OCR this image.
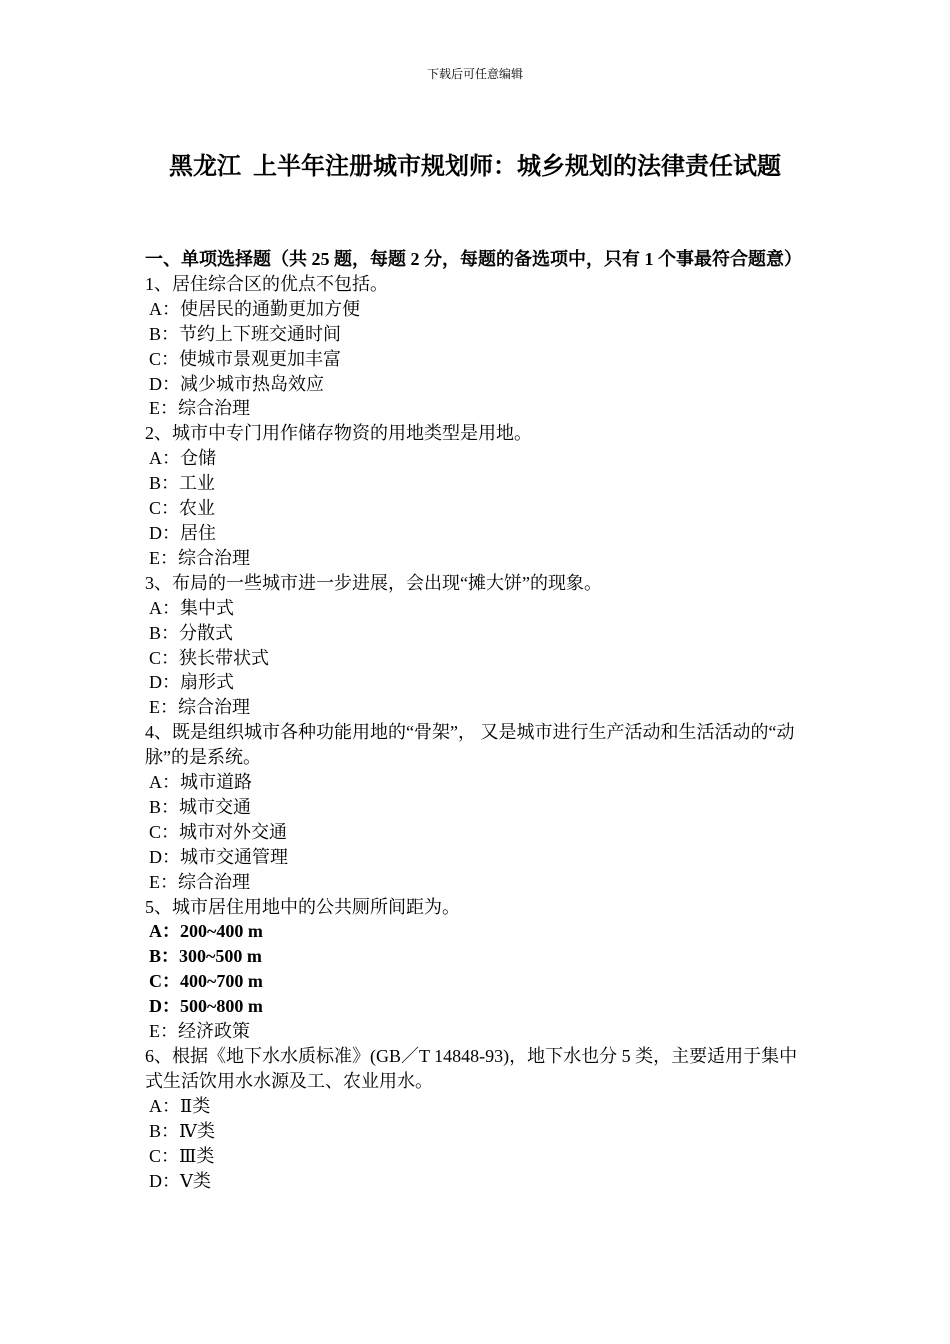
下载后可任意编辑
黑龙江  上半年注册城市规划师：城乡规划的法律责任试题

一、单项选择题（共 25 题，每题 2 分，每题的备选项中，只有 1 个事最符合题意）

1、居住综合区的优点不包括。

A：使居民的通勤更加方便

B：节约上下班交通时间

C：使城市景观更加丰富

D：减少城市热岛效应

E：综合治理

2、城市中专门用作储存物资的用地类型是用地。

A：仓储

B：工业

C：农业

D：居住

E：综合治理

3、布局的一些城市进一步进展，会出现“摊大饼”的现象。

A：集中式

B：分散式

C：狭长带状式

D：扇形式

E：综合治理

4、既是组织城市各种功能用地的“骨架”， 又是城市进行生产活动和生活活动的“动脉”的是系统。

A：城市道路

B：城市交通

C：城市对外交通

D：城市交通管理

E：综合治理

5、城市居住用地中的公共厕所间距为。

A：200~400 m

B：300~500 m

C：400~700 m

D：500~800 m

E：经济政策

6、根据《地下水水质标准》(GB／T 14848-93)，地下水也分 5 类，主要适用于集中式生活饮用水水源及工、农业用水。

A：Ⅱ类

B：Ⅳ类

C：Ⅲ类

D：Ⅴ类
